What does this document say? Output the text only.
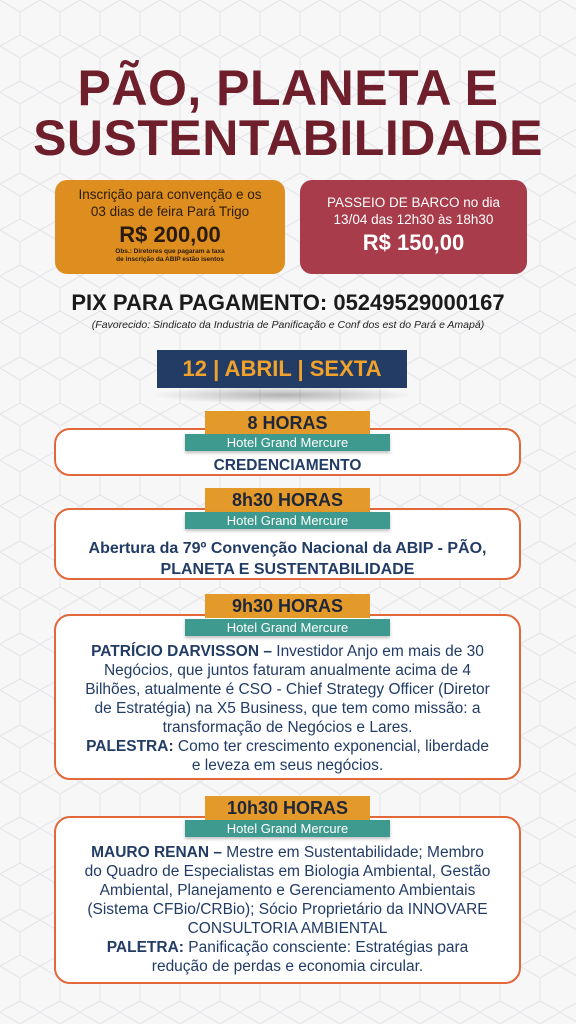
PÃO, PLANETA E
SUSTENTABILIDADE
Inscrição para convenção e os
03 dias de feira Pará Trigo
R$ 200,00
Obs.: Diretores que pagaram a taxa
de inscrição da ABIP estão isentos
PASSEIO DE BARCO no dia
13/04 das 12h30 às 18h30
R$ 150,00
PIX PARA PAGAMENTO: 05249529000167
(Favorecido: Sindicato da Industria de Panificação e Conf dos est do Pará e Amapá)
12 | ABRIL | SEXTA
8 HORAS
Hotel Grand Mercure
CREDENCIAMENTO
8h30 HORAS
Hotel Grand Mercure
Abertura da 79º Convenção Nacional da ABIP - PÃO,
PLANETA E SUSTENTABILIDADE
9h30 HORAS
Hotel Grand Mercure
PATRÍCIO DARVISSON – Investidor Anjo em mais de 30
Negócios, que juntos faturam anualmente acima de 4
Bilhões, atualmente é CSO - Chief Strategy Officer (Diretor
de Estratégia) na X5 Business, que tem como missão: a
transformação de Negócios e Lares.
PALESTRA: Como ter crescimento exponencial, liberdade
e leveza em seus negócios.
10h30 HORAS
Hotel Grand Mercure
MAURO RENAN – Mestre em Sustentabilidade; Membro
do Quadro de Especialistas em Biologia Ambiental, Gestão
Ambiental, Planejamento e Gerenciamento Ambientais
(Sistema CFBio/CRBio); Sócio Proprietário da INNOVARE
CONSULTORIA AMBIENTAL
PALETRA: Panificação consciente: Estratégias para
redução de perdas e economia circular.
